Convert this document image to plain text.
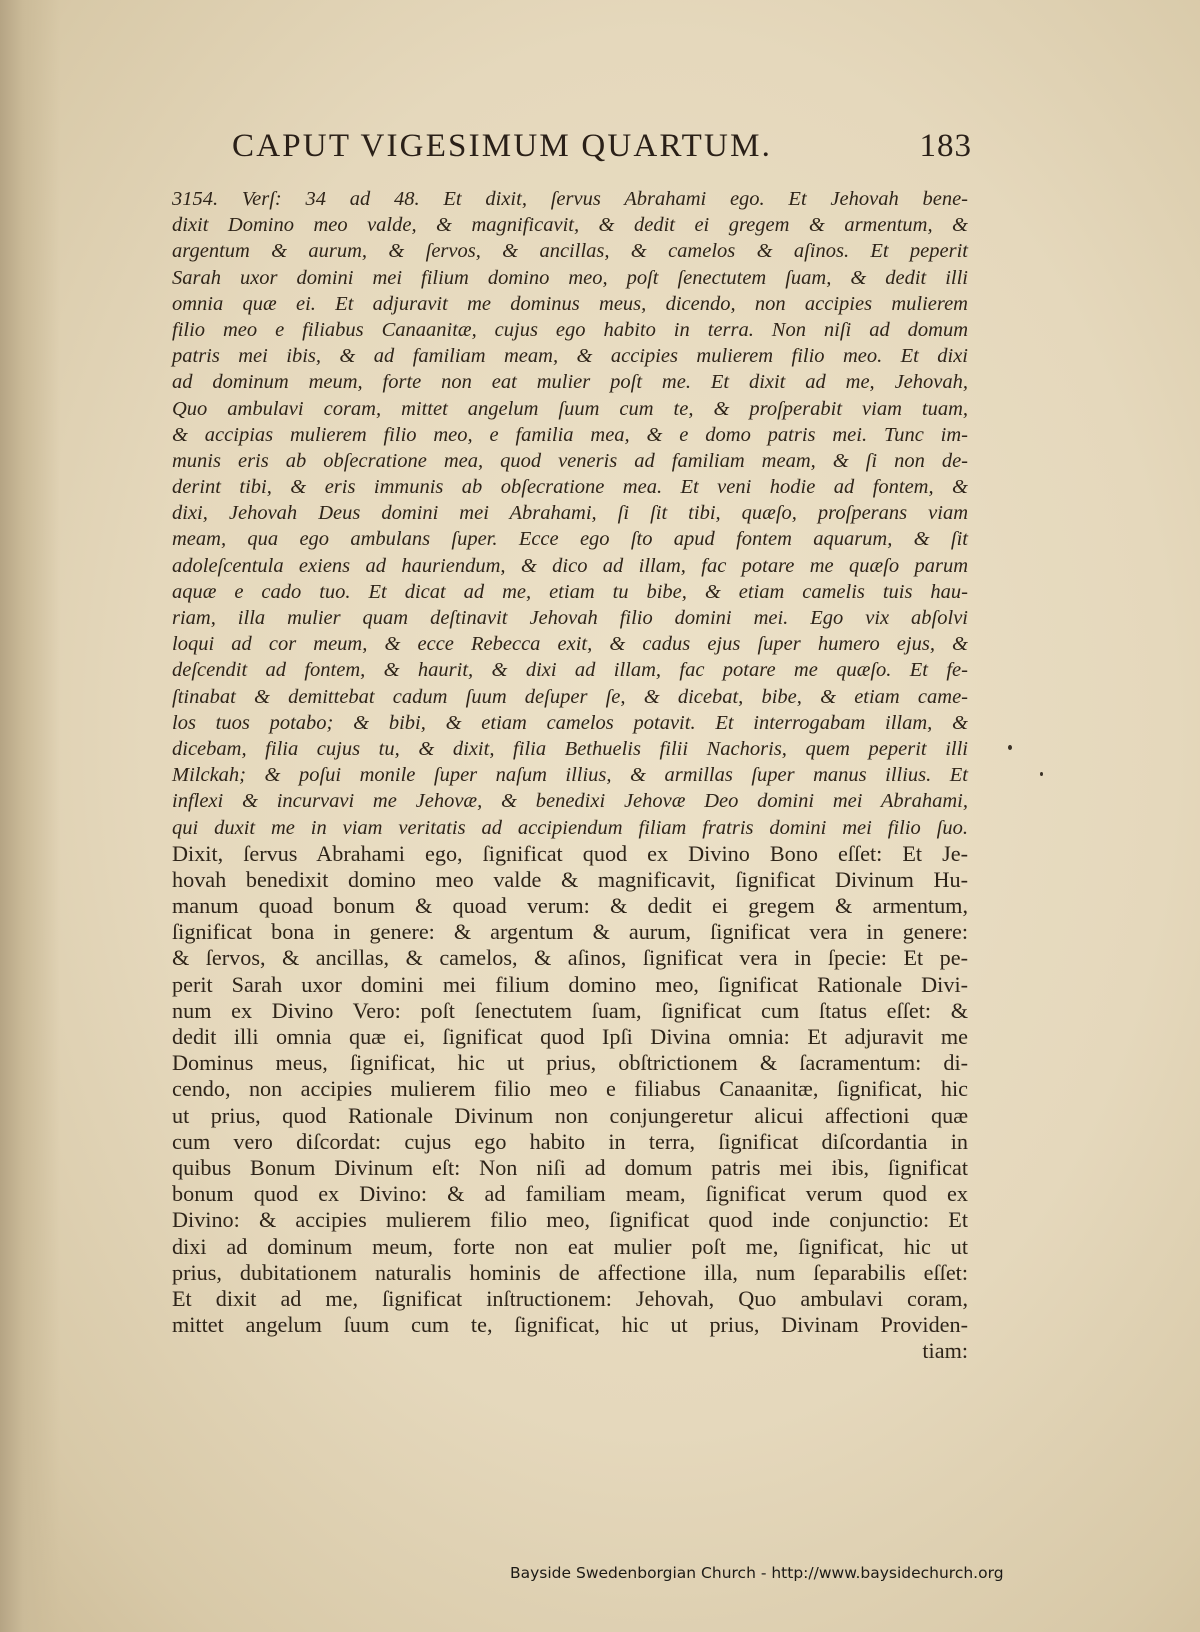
CAPUT VIGESIMUM QUARTUM.	183
3154. Verſ: 34 ad 48. Et dixit, ſervus Abrahami ego. Et Jehovah bene-
dixit Domino meo valde, & magnificavit, & dedit ei gregem & armentum, &
argentum & aurum, & ſervos, & ancillas, & camelos & aſinos. Et peperit
Sarah uxor domini mei filium domino meo, poſt ſenectutem ſuam, & dedit illi
omnia quæ ei. Et adjuravit me dominus meus, dicendo, non accipies mulierem
filio meo e filiabus Canaanitæ, cujus ego habito in terra. Non niſi ad domum
patris mei ibis, & ad familiam meam, & accipies mulierem filio meo. Et dixi
ad dominum meum, forte non eat mulier poſt me. Et dixit ad me, Jehovah,
Quo ambulavi coram, mittet angelum ſuum cum te, & proſperabit viam tuam,
& accipias mulierem filio meo, e familia mea, & e domo patris mei. Tunc im-
munis eris ab obſecratione mea, quod veneris ad familiam meam, & ſi non de-
derint tibi, & eris immunis ab obſecratione mea. Et veni hodie ad fontem, &
dixi, Jehovah Deus domini mei Abrahami, ſi ſit tibi, quæſo, proſperans viam
meam, qua ego ambulans ſuper. Ecce ego ſto apud fontem aquarum, & ſit
adoleſcentula exiens ad hauriendum, & dico ad illam, fac potare me quæſo parum
aquæ e cado tuo. Et dicat ad me, etiam tu bibe, & etiam camelis tuis hau-
riam, illa mulier quam deſtinavit Jehovah filio domini mei. Ego vix abſolvi
loqui ad cor meum, & ecce Rebecca exit, & cadus ejus ſuper humero ejus, &
deſcendit ad fontem, & haurit, & dixi ad illam, fac potare me quæſo. Et fe-
ſtinabat & demittebat cadum ſuum deſuper ſe, & dicebat, bibe, & etiam came-
los tuos potabo; & bibi, & etiam camelos potavit. Et interrogabam illam, &
dicebam, filia cujus tu, & dixit, filia Bethuelis filii Nachoris, quem peperit illi
Milckah; & poſui monile ſuper naſum illius, & armillas ſuper manus illius. Et
inflexi & incurvavi me Jehovæ, & benedixi Jehovæ Deo domini mei Abrahami,
qui duxit me in viam veritatis ad accipiendum filiam fratris domini mei filio ſuo.
Dixit, ſervus Abrahami ego, ſignificat quod ex Divino Bono eſſet: Et Je-
hovah benedixit domino meo valde & magnificavit, ſignificat Divinum Hu-
manum quoad bonum & quoad verum: & dedit ei gregem & armentum,
ſignificat bona in genere: & argentum & aurum, ſignificat vera in genere:
& ſervos, & ancillas, & camelos, & aſinos, ſignificat vera in ſpecie: Et pe-
perit Sarah uxor domini mei filium domino meo, ſignificat Rationale Divi-
num ex Divino Vero: poſt ſenectutem ſuam, ſignificat cum ſtatus eſſet: &
dedit illi omnia quæ ei, ſignificat quod Ipſi Divina omnia: Et adjuravit me
Dominus meus, ſignificat, hic ut prius, obſtrictionem & ſacramentum: di-
cendo, non accipies mulierem filio meo e filiabus Canaanitæ, ſignificat, hic
ut prius, quod Rationale Divinum non conjungeretur alicui affectioni quæ
cum vero diſcordat: cujus ego habito in terra, ſignificat diſcordantia in
quibus Bonum Divinum eſt: Non niſi ad domum patris mei ibis, ſignificat
bonum quod ex Divino: & ad familiam meam, ſignificat verum quod ex
Divino: & accipies mulierem filio meo, ſignificat quod inde conjunctio: Et
dixi ad dominum meum, forte non eat mulier poſt me, ſignificat, hic ut
prius, dubitationem naturalis hominis de affectione illa, num ſeparabilis eſſet:
Et dixit ad me, ſignificat inſtructionem: Jehovah, Quo ambulavi coram,
mittet angelum ſuum cum te, ſignificat, hic ut prius, Divinam Providen-
tiam:
Bayside Swedenborgian Church - http://www.baysidechurch.org
